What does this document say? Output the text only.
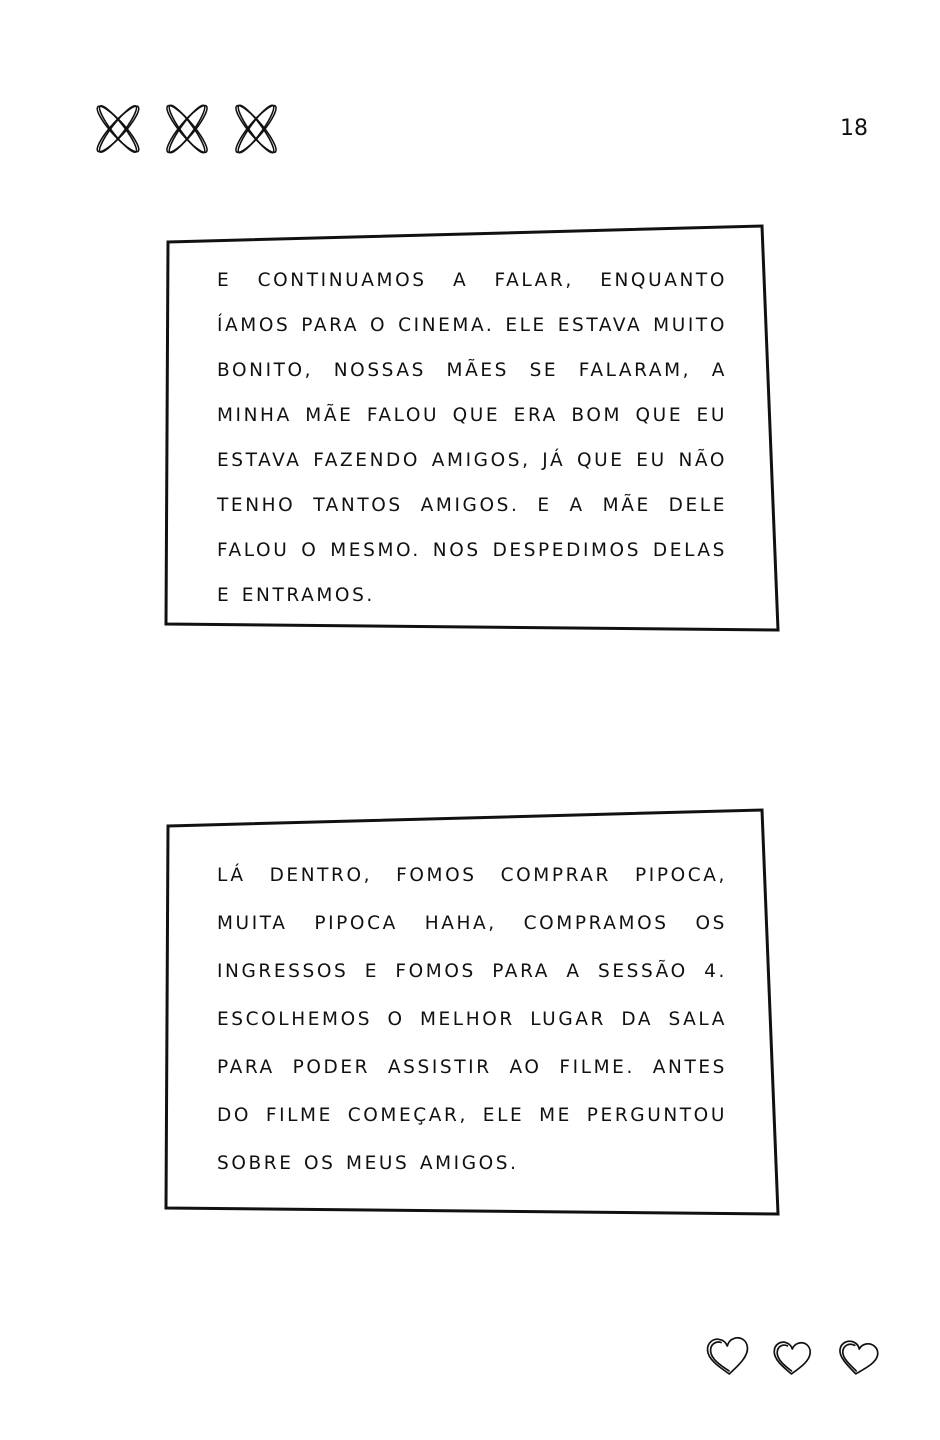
18

E CONTINUAMOS A FALAR, ENQUANTO ÍAMOS PARA O CINEMA. ELE ESTAVA MUITO BONITO, NOSSAS MÃES SE FALARAM, A MINHA MÃE FALOU QUE ERA BOM QUE EU ESTAVA FAZENDO AMIGOS, JÁ QUE EU NÃO TENHO TANTOS AMIGOS. E A MÃE DELE FALOU O MESMO. NOS DESPEDIMOS DELAS E ENTRAMOS.

LÁ DENTRO, FOMOS COMPRAR PIPOCA, MUITA PIPOCA HAHA, COMPRAMOS OS INGRESSOS E FOMOS PARA A SESSÃO 4. ESCOLHEMOS O MELHOR LUGAR DA SALA PARA PODER ASSISTIR AO FILME. ANTES DO FILME COMEÇAR, ELE ME PERGUNTOU SOBRE OS MEUS AMIGOS.
